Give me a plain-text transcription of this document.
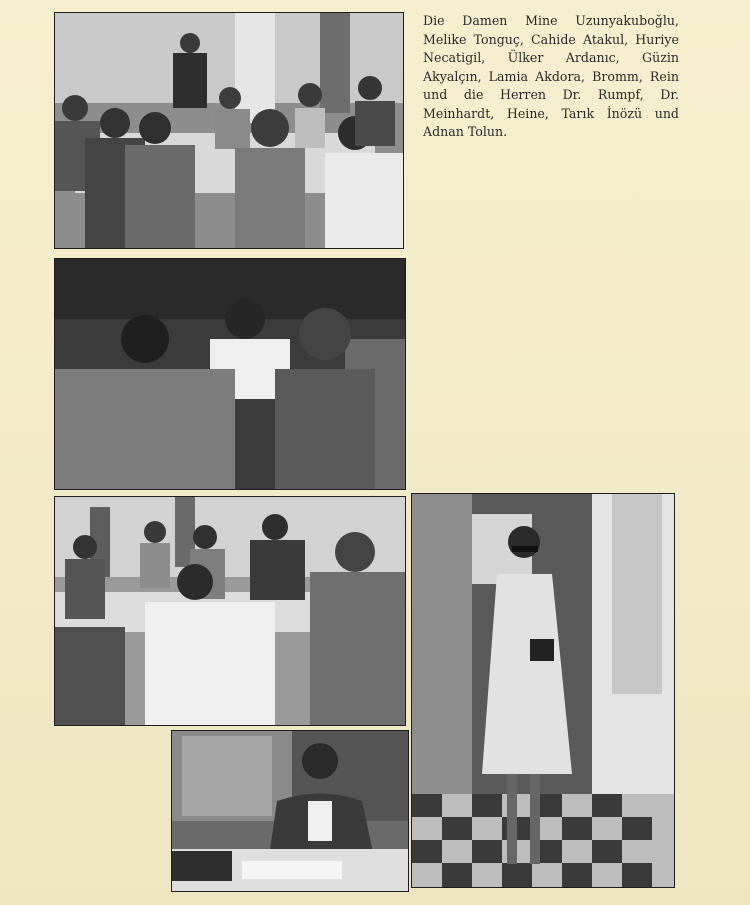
Die Damen Mine Uzunyakuboğlu, Melike Tonguç, Cahide Atakul, Huriye Necatigil, Ülker Ardanıc, Güzin Akyalçın, Lamia Akdora, Bromm, Rein und die Herren Dr. Rumpf, Dr. Meinhardt, Heine, Tarık İnözü und Adnan Tolun.
